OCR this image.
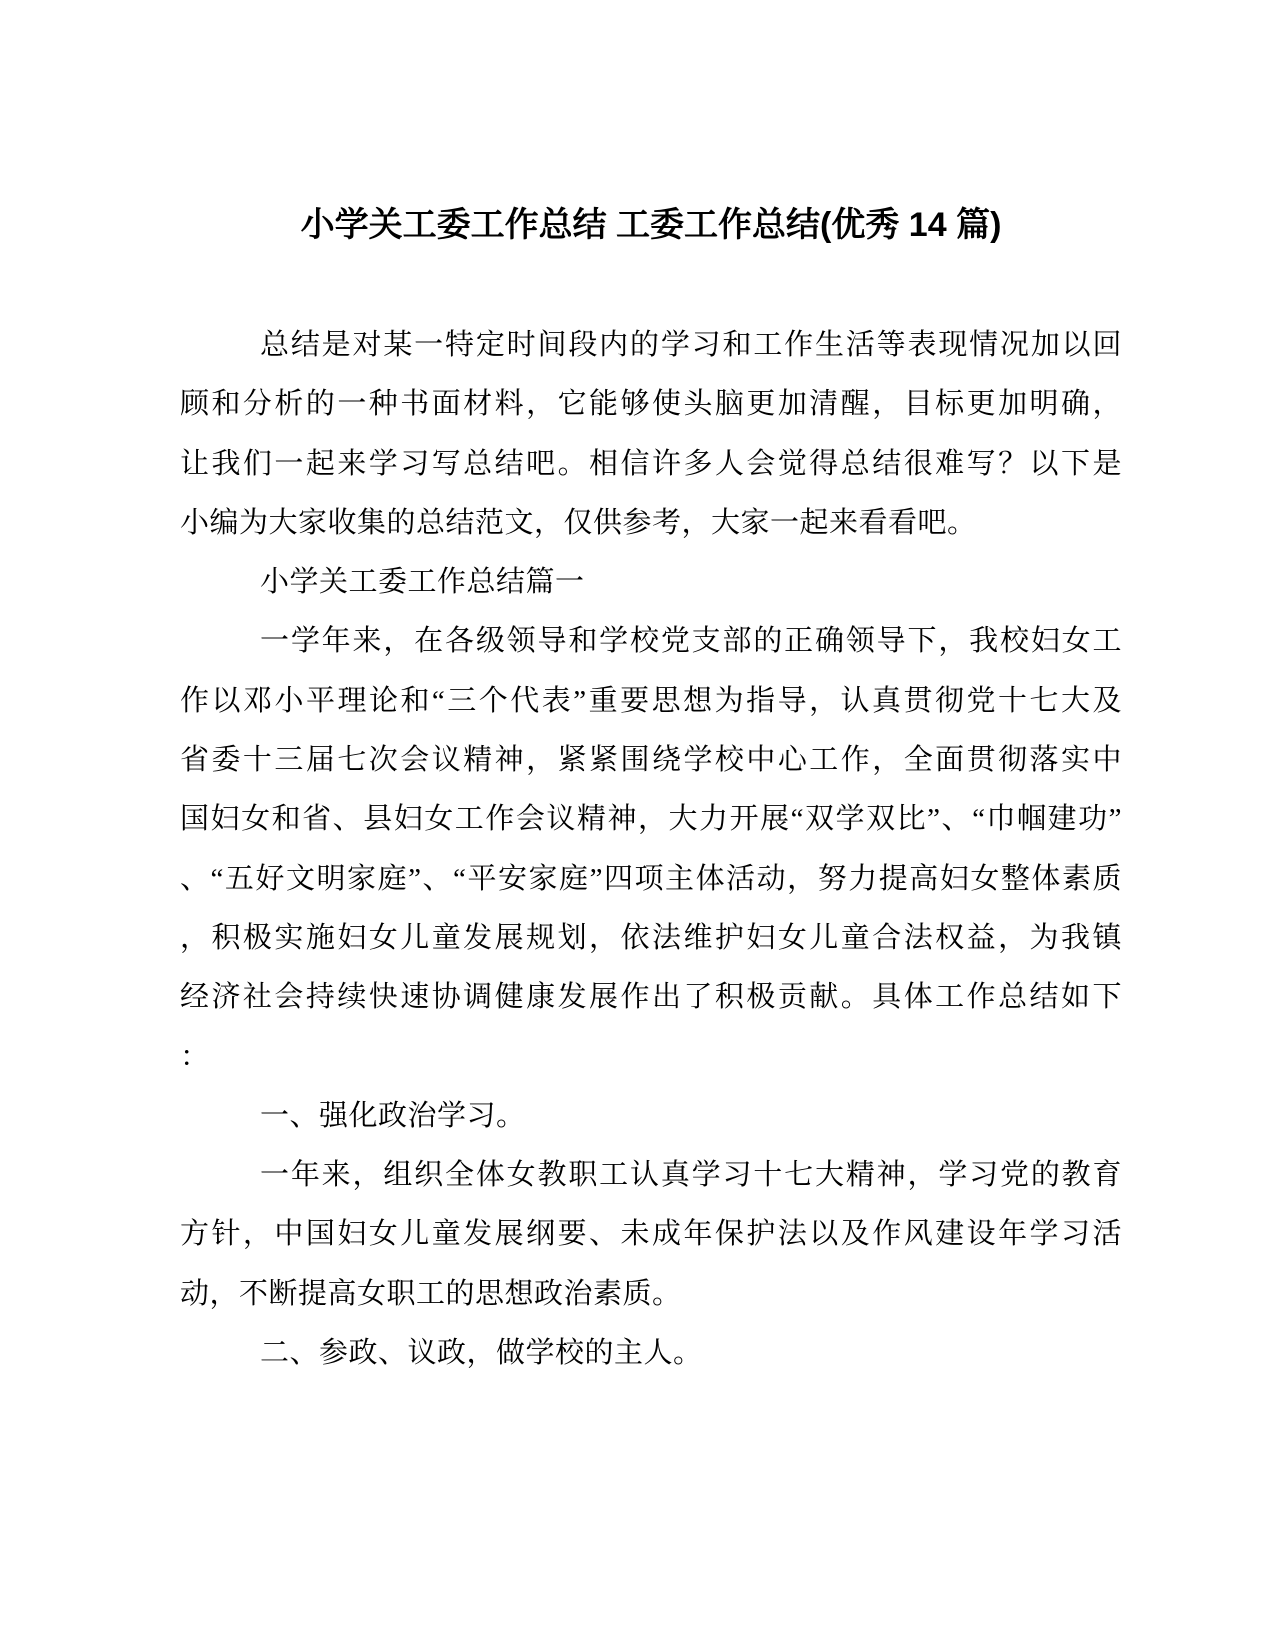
小学关工委工作总结 工委工作总结(优秀 14 篇)
总结是对某一特定时间段内的学习和工作生活等表现情况加以回
顾和分析的一种书面材料，它能够使头脑更加清醒，目标更加明确，
让我们一起来学习写总结吧。相信许多人会觉得总结很难写？以下是
小编为大家收集的总结范文，仅供参考，大家一起来看看吧。
小学关工委工作总结篇一
一学年来，在各级领导和学校党支部的正确领导下，我校妇女工
作以邓小平理论和“三个代表”重要思想为指导，认真贯彻党十七大及
省委十三届七次会议精神，紧紧围绕学校中心工作，全面贯彻落实中
国妇女和省、县妇女工作会议精神，大力开展“双学双比”、“巾帼建功”
、“五好文明家庭”、“平安家庭”四项主体活动，努力提高妇女整体素质
，积极实施妇女儿童发展规划，依法维护妇女儿童合法权益，为我镇
经济社会持续快速协调健康发展作出了积极贡献。具体工作总结如下
：
一、强化政治学习。
一年来，组织全体女教职工认真学习十七大精神，学习党的教育
方针，中国妇女儿童发展纲要、未成年保护法以及作风建设年学习活
动，不断提高女职工的思想政治素质。
二、参政、议政，做学校的主人。
